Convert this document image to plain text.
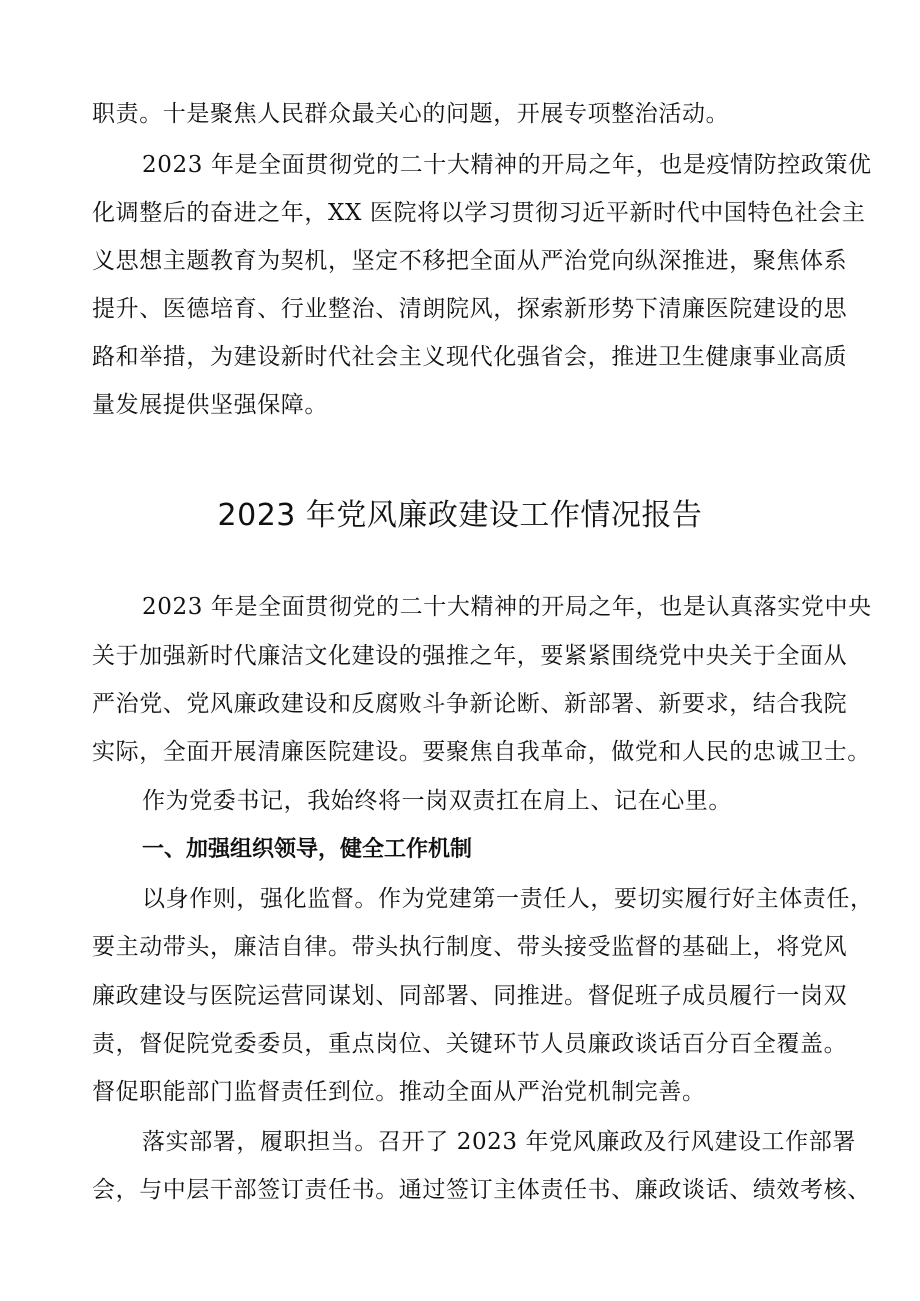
职责。十是聚焦人民群众最关心的问题，开展专项整治活动。
2023 年是全面贯彻党的二十大精神的开局之年，也是疫情防控政策优
化调整后的奋进之年，XX 医院将以学习贯彻习近平新时代中国特色社会主
义思想主题教育为契机，坚定不移把全面从严治党向纵深推进，聚焦体系
提升、医德培育、行业整治、清朗院风，探索新形势下清廉医院建设的思
路和举措，为建设新时代社会主义现代化强省会，推进卫生健康事业高质
量发展提供坚强保障。
2023 年党风廉政建设工作情况报告
2023 年是全面贯彻党的二十大精神的开局之年，也是认真落实党中央
关于加强新时代廉洁文化建设的强推之年，要紧紧围绕党中央关于全面从
严治党、党风廉政建设和反腐败斗争新论断、新部署、新要求，结合我院
实际，全面开展清廉医院建设。要聚焦自我革命，做党和人民的忠诚卫士。
作为党委书记，我始终将一岗双责扛在肩上、记在心里。
一、加强组织领导，健全工作机制
以身作则，强化监督。作为党建第一责任人，要切实履行好主体责任，
要主动带头，廉洁自律。带头执行制度、带头接受监督的基础上，将党风
廉政建设与医院运营同谋划、同部署、同推进。督促班子成员履行一岗双
责，督促院党委委员，重点岗位、关键环节人员廉政谈话百分百全覆盖。
督促职能部门监督责任到位。推动全面从严治党机制完善。
落实部署，履职担当。召开了 2023 年党风廉政及行风建设工作部署
会，与中层干部签订责任书。通过签订主体责任书、廉政谈话、绩效考核、
